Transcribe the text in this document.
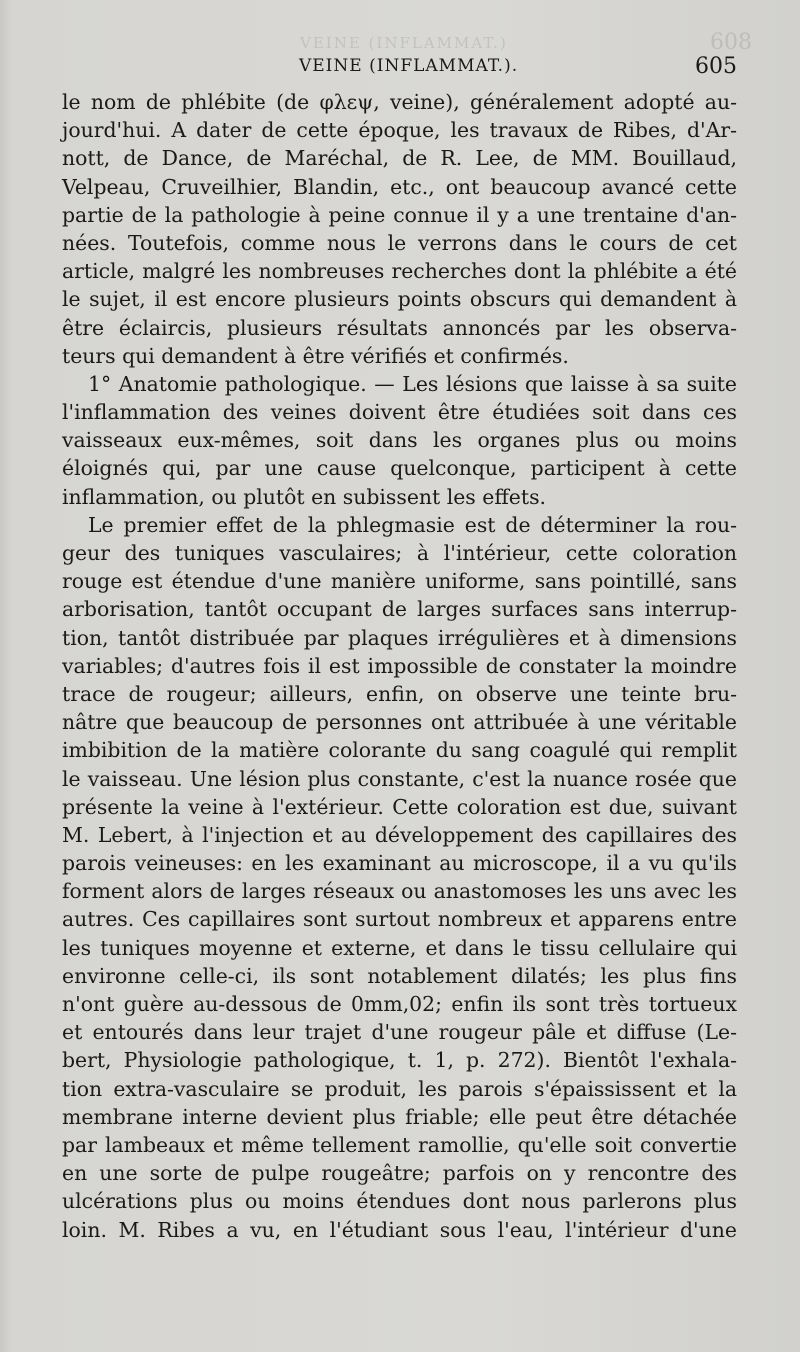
VEINE (INFLAMMAT.)	608
VEINE (INFLAMMAT.).	605
le nom de phlébite (de φλεψ, veine), généralement adopté au-
jourd'hui. A dater de cette époque, les travaux de Ribes, d'Ar-
nott, de Dance, de Maréchal, de R. Lee, de MM. Bouillaud,
Velpeau, Cruveilhier, Blandin, etc., ont beaucoup avancé cette
partie de la pathologie à peine connue il y a une trentaine d'an-
nées. Toutefois, comme nous le verrons dans le cours de cet
article, malgré les nombreuses recherches dont la phlébite a été
le sujet, il est encore plusieurs points obscurs qui demandent à
être éclaircis, plusieurs résultats annoncés par les observa-
teurs qui demandent à être vérifiés et confirmés.
1° Anatomie pathologique. — Les lésions que laisse à sa suite
l'inflammation des veines doivent être étudiées soit dans ces
vaisseaux eux-mêmes, soit dans les organes plus ou moins
éloignés qui, par une cause quelconque, participent à cette
inflammation, ou plutôt en subissent les effets.
Le premier effet de la phlegmasie est de déterminer la rou-
geur des tuniques vasculaires; à l'intérieur, cette coloration
rouge est étendue d'une manière uniforme, sans pointillé, sans
arborisation, tantôt occupant de larges surfaces sans interrup-
tion, tantôt distribuée par plaques irrégulières et à dimensions
variables; d'autres fois il est impossible de constater la moindre
trace de rougeur; ailleurs, enfin, on observe une teinte bru-
nâtre que beaucoup de personnes ont attribuée à une véritable
imbibition de la matière colorante du sang coagulé qui remplit
le vaisseau. Une lésion plus constante, c'est la nuance rosée que
présente la veine à l'extérieur. Cette coloration est due, suivant
M. Lebert, à l'injection et au développement des capillaires des
parois veineuses: en les examinant au microscope, il a vu qu'ils
forment alors de larges réseaux ou anastomoses les uns avec les
autres. Ces capillaires sont surtout nombreux et apparens entre
les tuniques moyenne et externe, et dans le tissu cellulaire qui
environne celle-ci, ils sont notablement dilatés; les plus fins
n'ont guère au-dessous de 0mm,02; enfin ils sont très tortueux
et entourés dans leur trajet d'une rougeur pâle et diffuse (Le-
bert, Physiologie pathologique, t. 1, p. 272). Bientôt l'exhala-
tion extra-vasculaire se produit, les parois s'épaississent et la
membrane interne devient plus friable; elle peut être détachée
par lambeaux et même tellement ramollie, qu'elle soit convertie
en une sorte de pulpe rougeâtre; parfois on y rencontre des
ulcérations plus ou moins étendues dont nous parlerons plus
loin. M. Ribes a vu, en l'étudiant sous l'eau, l'intérieur d'une
